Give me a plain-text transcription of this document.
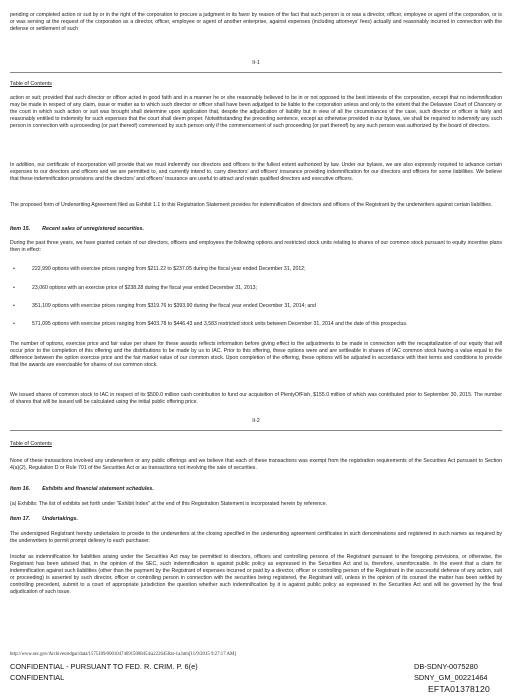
pending or completed action or suit by or in the right of the corporation to procure a judgment in its favor by reason of the fact that such person is or was a director, officer, employee or agent of the corporation, or is or was serving at the request of the corporation as a director, officer, employee or agent of another enterprise, against expenses (including attorneys' fees) actually and reasonably incurred in connection with the defense or settlement of such

II-1
Table of Contents

action or suit; provided that such director or officer acted in good faith and in a manner he or she reasonably believed to be in or not opposed to the best interests of the corporation, except that no indemnification may be made in respect of any claim, issue or matter as to which such director or officer shall have been adjudged to be liable to the corporation unless and only to the extent that the Delaware Court of Chancery or the court in which such action or suit was brought shall determine upon application that, despite the adjudication of liability but in view of all the circumstances of the case, such director or officer is fairly and reasonably entitled to indemnity for such expenses that the court shall deem proper. Notwithstanding the preceding sentence, except as otherwise provided in our bylaws, we shall be required to indemnify any such person in connection with a proceeding (or part thereof) commenced by such person only if the commencement of such proceeding (or part thereof) by any such person was authorized by the board of directors.

In addition, our certificate of incorporation will provide that we must indemnify our directors and officers to the fullest extent authorized by law. Under our bylaws, we are also expressly required to advance certain expenses to our directors and officers and we are permitted to, and currently intend to, carry directors' and officers' insurance providing indemnification for our directors and officers for some liabilities. We believe that these indemnification provisions and the directors' and officers' insurance are useful to attract and retain qualified directors and executive officers.

The proposed form of Underwriting Agreement filed as Exhibit 1.1 to this Registration Statement provides for indemnification of directors and officers of the Registrant by the underwriters against certain liabilities.

Item 15. Recent sales of unregistered securities.

During the past three years, we have granted certain of our directors, officers and employees the following options and restricted stock units relating to shares of our common stock pursuant to equity incentive plans then in effect:

•	222,990 options with exercise prices ranging from $211.22 to $237.05 during the fiscal year ended December 31, 2012;
•	23,060 options with an exercise price of $238.28 during the fiscal year ended December 31, 2013;
•	351,109 options with exercise prices ranging from $319.76 to $393.90 during the fiscal year ended December 31, 2014; and
•	571,095 options with exercise prices ranging from $403.78 to $446.43 and 3,583 restricted stock units between December 31, 2014 and the date of this prospectus.

The number of options, exercise price and fair value per share for these awards reflects information before giving effect to the adjustments to be made in connection with the recapitalization of our equity that will occur prior to the completion of this offering and the distributions to be made by us to IAC. Prior to this offering, these options were and are settleable in shares of IAC common stock having a value equal to the difference between the option exercise price and the fair market value of our common stock. Upon completion of the offering, these options will be adjusted in accordance with their terms and conditions to provide that the awards are exercisable for shares of our common stock.

We issued shares of common stock to IAC in respect of its $500.0 million cash contribution to fund our acquisition of PlentyOfFish, $155.0 million of which was contributed prior to September 30, 2015. The number of shares that will be issued will be calculated using the initial public offering price.

II-2
Table of Contents

None of these transactions involved any underwriters or any public offerings and we believe that each of these transactions was exempt from the registration requirements of the Securities Act pursuant to Section 4(a)(2), Regulation D or Rule 701 of the Securities Act or as transactions not involving the sale of securities.

Item 16. Exhibits and financial statement schedules.

(a) Exhibits: The list of exhibits set forth under "Exhibit Index" at the end of this Registration Statement is incorporated herein by reference.

Item 17. Undertakings.

The undersigned Registrant hereby undertakes to provide to the underwriters at the closing specified in the underwriting agreement certificates in such denominations and registered in such names as required by the underwriters to permit prompt delivery to each purchaser.

Insofar as indemnification for liabilities arising under the Securities Act may be permitted to directors, officers and controlling persons of the Registrant pursuant to the foregoing provisions, or otherwise, the Registrant has been advised that, in the opinion of the SEC, such indemnification is against public policy as expressed in the Securities Act and is, therefore, unenforceable. In the event that a claim for indemnification against such liabilities (other than the payment by the Registrant of expenses incurred or paid by a director, officer or controlling person of the Registrant in the successful defense of any action, suit or proceeding) is asserted by such director, officer or controlling person in connection with the securities being registered, the Registrant will, unless in the opinion of its counsel the matter has been settled by controlling precedent, submit to a court of appropriate jurisdiction the question whether such indemnification by it is against public policy as expressed in the Securities Act and will be governed by the final adjudication of such issue.

http://www.sec.gov/Archives/edgar/data/1575189/000104746915008454/a2226458zs-1a.htm[11/9/2015 9:27:17 AM]
CONFIDENTIAL - PURSUANT TO FED. R. CRIM. P. 6(e)
CONFIDENTIAL
DB-SDNY-0075280
SDNY_GM_00221464
EFTA01378120
